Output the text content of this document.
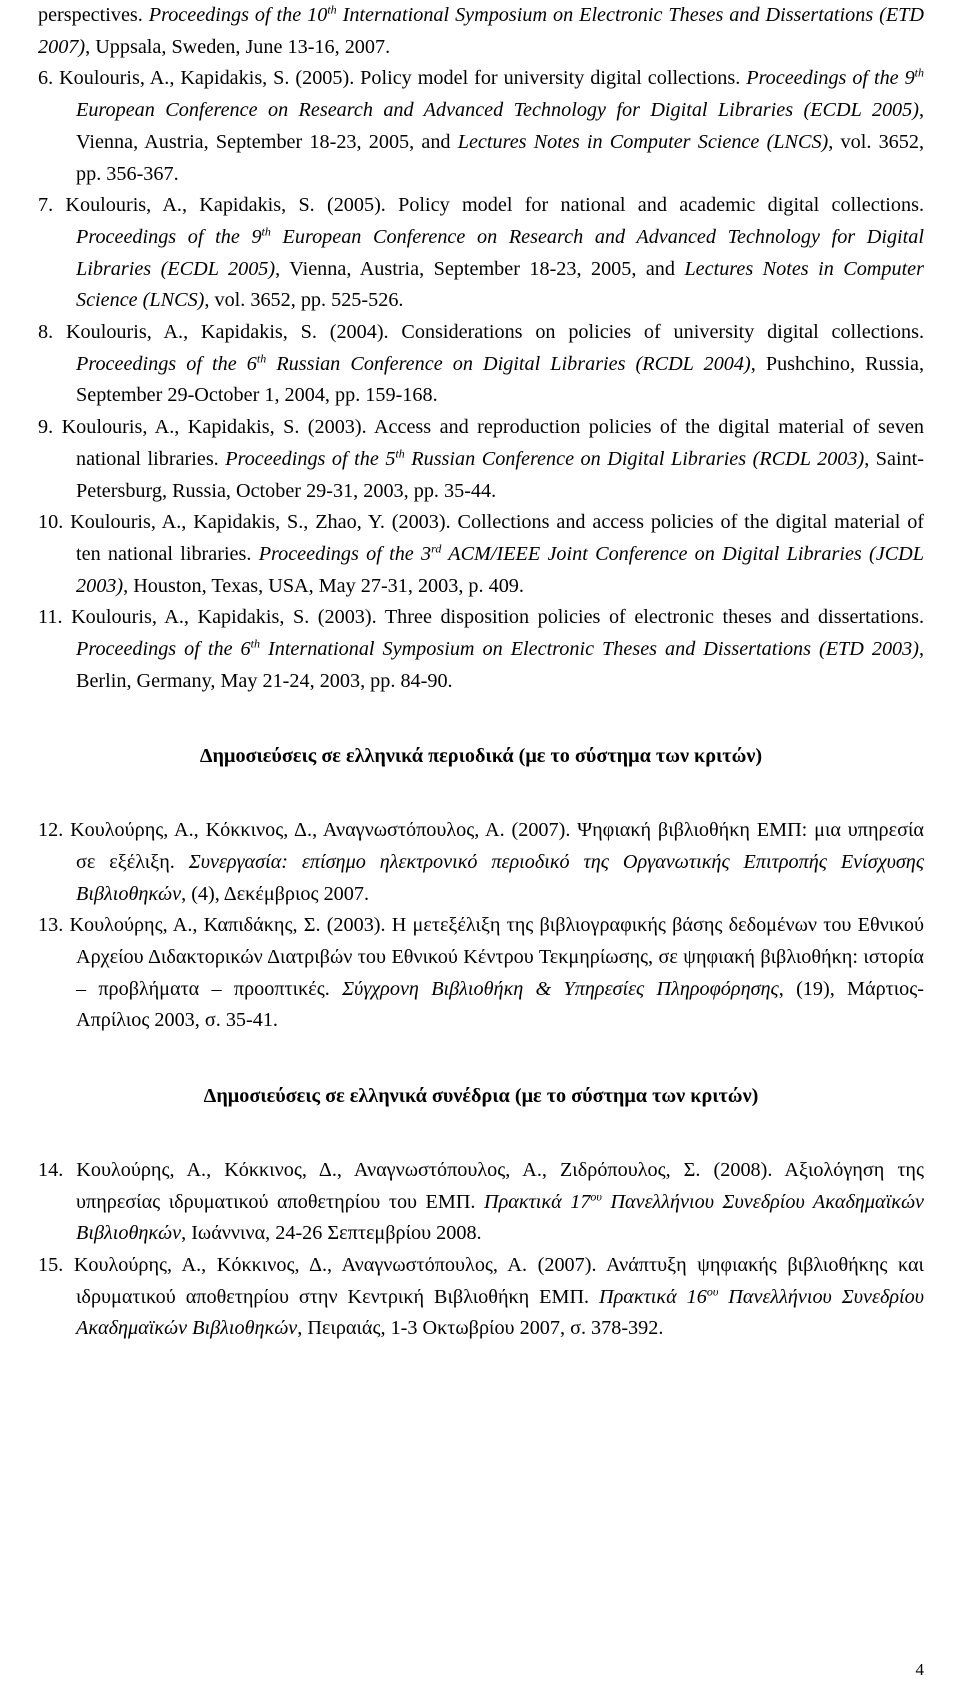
perspectives. Proceedings of the 10th International Symposium on Electronic Theses and Dissertations (ETD 2007), Uppsala, Sweden, June 13-16, 2007.

6. Koulouris, A., Kapidakis, S. (2005). Policy model for university digital collections. Proceedings of the 9th European Conference on Research and Advanced Technology for Digital Libraries (ECDL 2005), Vienna, Austria, September 18-23, 2005, and Lectures Notes in Computer Science (LNCS), vol. 3652, pp. 356-367.

7. Koulouris, A., Kapidakis, S. (2005). Policy model for national and academic digital collections. Proceedings of the 9th European Conference on Research and Advanced Technology for Digital Libraries (ECDL 2005), Vienna, Austria, September 18-23, 2005, and Lectures Notes in Computer Science (LNCS), vol. 3652, pp. 525-526.

8. Koulouris, A., Kapidakis, S. (2004). Considerations on policies of university digital collections. Proceedings of the 6th Russian Conference on Digital Libraries (RCDL 2004), Pushchino, Russia, September 29-October 1, 2004, pp. 159-168.

9. Koulouris, A., Kapidakis, S. (2003). Access and reproduction policies of the digital material of seven national libraries. Proceedings of the 5th Russian Conference on Digital Libraries (RCDL 2003), Saint-Petersburg, Russia, October 29-31, 2003, pp. 35-44.

10. Koulouris, A., Kapidakis, S., Zhao, Y. (2003). Collections and access policies of the digital material of ten national libraries. Proceedings of the 3rd ACM/IEEE Joint Conference on Digital Libraries (JCDL 2003), Houston, Texas, USA, May 27-31, 2003, p. 409.

11. Koulouris, A., Kapidakis, S. (2003). Three disposition policies of electronic theses and dissertations. Proceedings of the 6th International Symposium on Electronic Theses and Dissertations (ETD 2003), Berlin, Germany, May 21-24, 2003, pp. 84-90.

Δημοσιεύσεις σε ελληνικά περιοδικά (με το σύστημα των κριτών)

12. Κουλούρης, Α., Κόκκινος, Δ., Αναγνωστόπουλος, Α. (2007). Ψηφιακή βιβλιοθήκη ΕΜΠ: μια υπηρεσία σε εξέλιξη. Συνεργασία: επίσημο ηλεκτρονικό περιοδικό της Οργανωτικής Επιτροπής Ενίσχυσης Βιβλιοθηκών, (4), Δεκέμβριος 2007.

13. Κουλούρης, Α., Καπιδάκης, Σ. (2003). Η μετεξέλιξη της βιβλιογραφικής βάσης δεδομένων του Εθνικού Αρχείου Διδακτορικών Διατριβών του Εθνικού Κέντρου Τεκμηρίωσης, σε ψηφιακή βιβλιοθήκη: ιστορία – προβλήματα – προοπτικές. Σύγχρονη Βιβλιοθήκη & Υπηρεσίες Πληροφόρησης, (19), Μάρτιος-Απρίλιος 2003, σ. 35-41.

Δημοσιεύσεις σε ελληνικά συνέδρια (με το σύστημα των κριτών)

14. Κουλούρης, Α., Κόκκινος, Δ., Αναγνωστόπουλος, Α., Ζιδρόπουλος, Σ. (2008). Αξιολόγηση της υπηρεσίας ιδρυματικού αποθετηρίου του ΕΜΠ. Πρακτικά $17^{o\upsilon}$ Πανελλήνιου Συνεδρίου Ακαδημαϊκών Βιβλιοθηκών, Ιωάννινα, 24-26 Σεπτεμβρίου 2008.

15. Κουλούρης, Α., Κόκκινος, Δ., Αναγνωστόπουλος, Α. (2007). Ανάπτυξη ψηφιακής βιβλιοθήκης και ιδρυματικού αποθετηρίου στην Κεντρική Βιβλιοθήκη ΕΜΠ. Πρακτικά $16^{o\upsilon}$ Πανελλήνιου Συνεδρίου Ακαδημαϊκών Βιβλιοθηκών, Πειραιάς, 1-3 Οκτωβρίου 2007, σ. 378-392.

4
